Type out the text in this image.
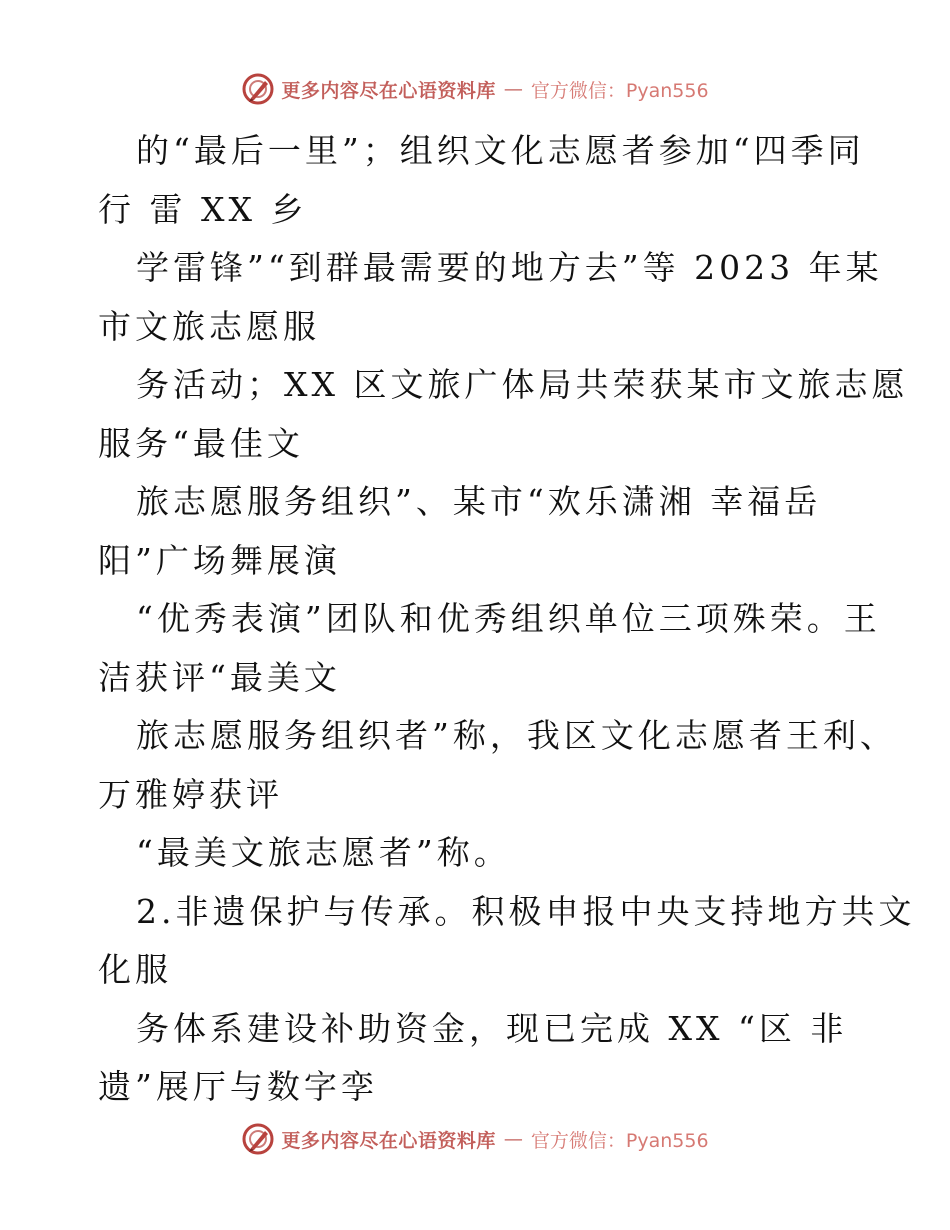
更多内容尽在心语资料库 — 官方微信：Pyan556
的“最后一里”；组织文化志愿者参加“四季同
行 雷 XX 乡
学雷锋”“到群最需要的地方去”等 2023 年某
市文旅志愿服
务活动；XX 区文旅广体局共荣获某市文旅志愿
服务“最佳文
旅志愿服务组织”、某市“欢乐潇湘 幸福岳
阳”广场舞展演
“优秀表演”团队和优秀组织单位三项殊荣。王
洁获评“最美文
旅志愿服务组织者”称，我区文化志愿者王利、
万雅婷获评
“最美文旅志愿者”称。
2.非遗保护与传承。积极申报中央支持地方共文
化服
务体系建设补助资金，现已完成 XX “区 非
遗”展厅与数字孪
更多内容尽在心语资料库 — 官方微信：Pyan556
